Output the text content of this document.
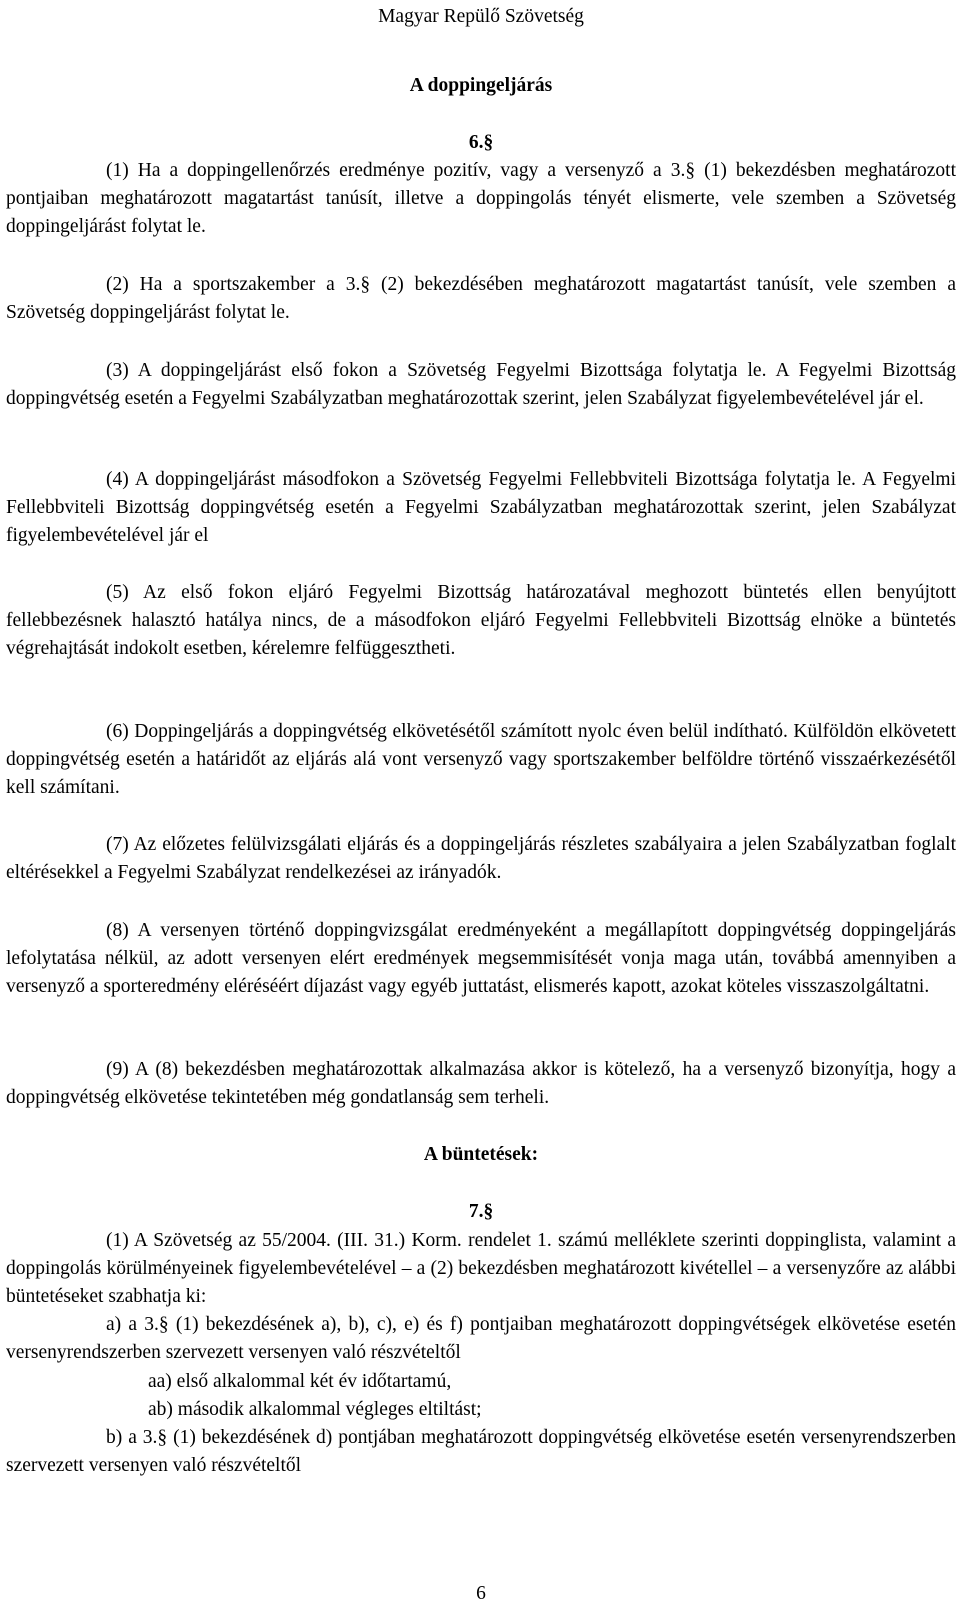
Magyar Repülő Szövetség
A doppingeljárás
6.§

(1) Ha a doppingellenőrzés eredménye pozitív, vagy a versenyző a 3.§ (1) bekezdésben meghatározott pontjaiban meghatározott magatartást tanúsít, illetve a doppingolás tényét elismerte, vele szemben a Szövetség doppingeljárást folytat le.

(2) Ha a sportszakember a 3.§ (2) bekezdésében meghatározott magatartást tanúsít, vele szemben a Szövetség doppingeljárást folytat le.

(3) A doppingeljárást első fokon a Szövetség Fegyelmi Bizottsága folytatja le. A Fegyelmi Bizottság doppingvétség esetén a Fegyelmi Szabályzatban meghatározottak szerint, jelen Szabályzat figyelembevételével jár el.

(4) A doppingeljárást másodfokon a Szövetség Fegyelmi Fellebbviteli Bizottsága folytatja le. A Fegyelmi Fellebbviteli Bizottság doppingvétség esetén a Fegyelmi Szabályzatban meghatározottak szerint, jelen Szabályzat figyelembevételével jár el

(5) Az első fokon eljáró Fegyelmi Bizottság határozatával meghozott büntetés ellen benyújtott fellebbezésnek halasztó hatálya nincs, de a másodfokon eljáró Fegyelmi Fellebbviteli Bizottság elnöke a büntetés végrehajtását indokolt esetben, kérelemre felfüggesztheti.

(6) Doppingeljárás a doppingvétség elkövetésétől számított nyolc éven belül indítható. Külföldön elkövetett doppingvétség esetén a határidőt az eljárás alá vont versenyző vagy sportszakember belföldre történő visszaérkezésétől kell számítani.

(7) Az előzetes felülvizsgálati eljárás és a doppingeljárás részletes szabályaira a jelen Szabályzatban foglalt eltérésekkel a Fegyelmi Szabályzat rendelkezései az irányadók.

(8) A versenyen történő doppingvizsgálat eredményeként a megállapított doppingvétség doppingeljárás lefolytatása nélkül, az adott versenyen elért eredmények megsemmisítését vonja maga után, továbbá amennyiben a versenyző a sporteredmény eléréséért díjazást vagy egyéb juttatást, elismerés kapott, azokat köteles visszaszolgáltatni.

(9) A (8) bekezdésben meghatározottak alkalmazása akkor is kötelező, ha a versenyző bizonyítja, hogy a doppingvétség elkövetése tekintetében még gondatlanság sem terheli.

A büntetések:
7.§

(1) A Szövetség az 55/2004. (III. 31.) Korm. rendelet 1. számú melléklete szerinti doppinglista, valamint a doppingolás körülményeinek figyelembevételével – a (2) bekezdésben meghatározott kivétellel – a versenyzőre az alábbi büntetéseket szabhatja ki:

a) a 3.§ (1) bekezdésének a), b), c), e) és f) pontjaiban meghatározott doppingvétségek elkövetése esetén versenyrendszerben szervezett versenyen való részvételtől

aa) első alkalommal két év időtartamú,
ab) második alkalommal végleges eltiltást;

b) a 3.§ (1) bekezdésének d) pontjában meghatározott doppingvétség elkövetése esetén versenyrendszerben szervezett versenyen való részvételtől

6
